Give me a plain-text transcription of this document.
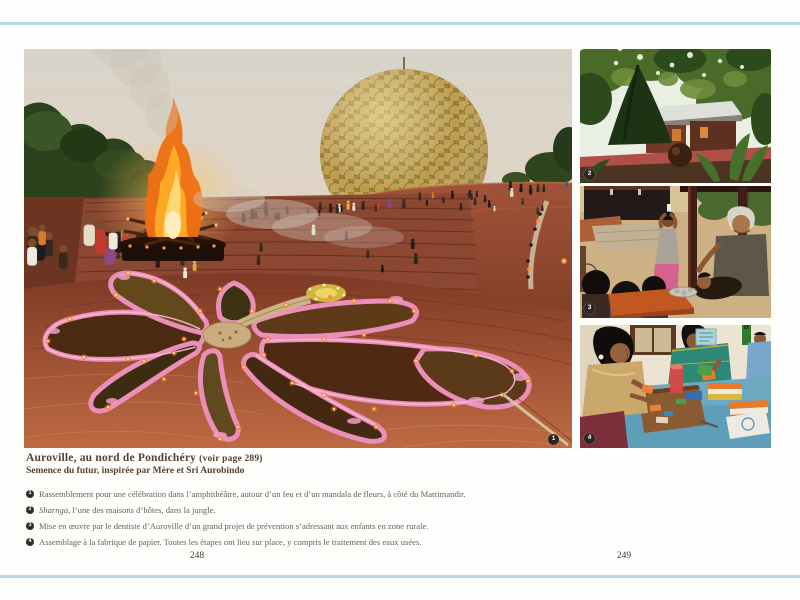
1
2
3
4
Auroville, au nord de Pondichéry (voir page 289)
Semence du futur, inspirée par Mère et Sri Aurobindo
1 Rassemblement pour une célébration dans l’amphithéâtre, autour d’un feu et d’un mandala de fleurs, à côté du Matrimandir.
2 Sharnga, l’une des maisons d’hôtes, dans la jungle.
3 Mise en œuvre par le dentiste d’Auroville d’un grand projet de prévention s’adressant aux enfants en zone rurale.
4 Assemblage à la fabrique de papier. Toutes les étapes ont lieu sur place, y compris le traitement des eaux usées.
248	249
